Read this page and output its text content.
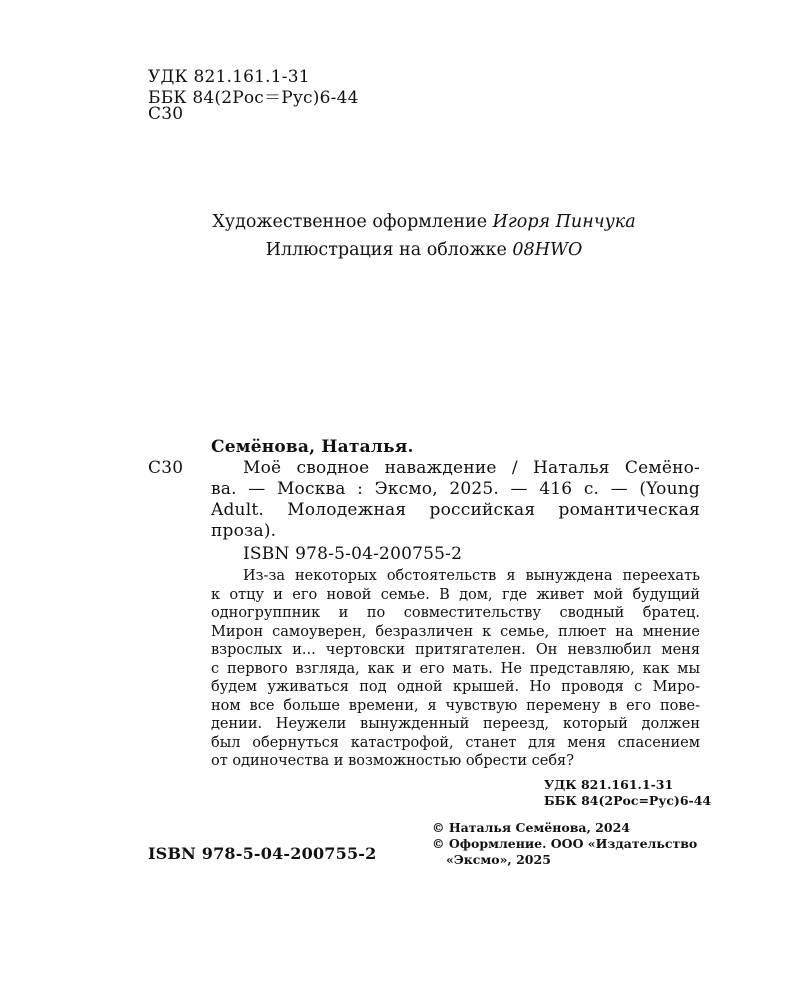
УДК 821.161.1-31
ББК 84(2Рос＝Рус)6-44
С30
Художественное оформление Игоря Пинчука
Иллюстрация на обложке 08HWO
Семёнова, Наталья.
С30	Моё сводное наваждение / Наталья Семёно-
ва. — Москва : Эксмо, 2025. — 416 с. — (Young
Adult. Молодежная российская романтическая
проза).
ISBN 978-5-04-200755-2
Из-за некоторых обстоятельств я вынуждена переехать
к отцу и его новой семье. В дом, где живет мой будущий
одногруппник и по совместительству сводный братец.
Мирон самоуверен, безразличен к семье, плюет на мнение
взрослых и... чертовски притягателен. Он невзлюбил меня
с первого взгляда, как и его мать. Не представляю, как мы
будем уживаться под одной крышей. Но проводя с Миро-
ном все больше времени, я чувствую перемену в его пове-
дении. Неужели вынужденный переезд, который должен
был обернуться катастрофой, станет для меня спасением
от одиночества и возможностью обрести себя?
УДК 821.161.1-31
ББК 84(2Рос=Рус)6-44
© Наталья Семёнова, 2024
© Оформление. ООО «Издательство
«Эксмо», 2025
ISBN 978-5-04-200755-2
